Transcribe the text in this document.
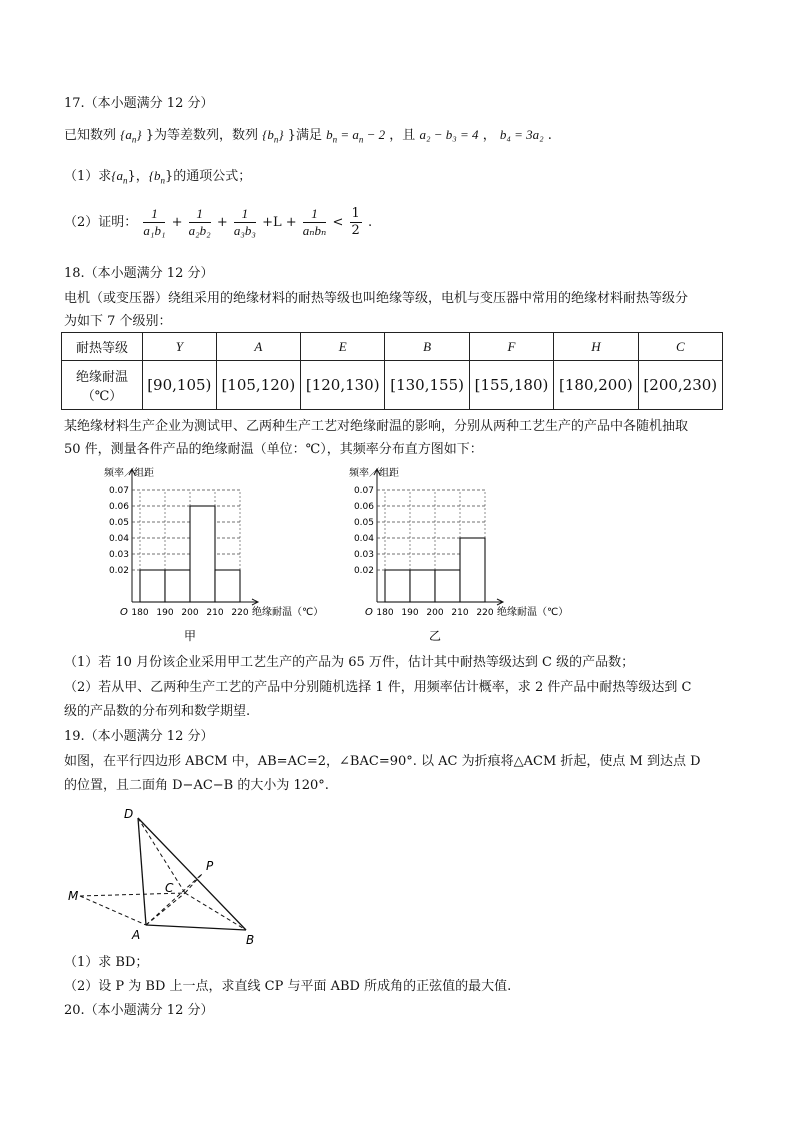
17.（本小题满分 12 分）
已知数列 $\{a_n\}$ }为等差数列，数列 $\{b_n\}$ }满足 $b_n = a_n - 2$ ，且 a₂ − b₃ = 4 ， b₄ = 3a₂ .
（1）求$\{a_n\}$，$\{b_n\}$的通项公式；
（2）证明： $\frac{1}{\text{a₁b₁}} + \frac{1}{\text{a₂b₂}} + \frac{1}{\text{a₃b₃}} +L + \frac{1}{\text{aₙbₙ}} < \frac{1}{2}$ .
18.（本小题满分 12 分）
电机（或变压器）绕组采用的绝缘材料的耐热等级也叫绝缘等级，电机与变压器中常用的绝缘材料耐热等级分
为如下 7 个级别：
耐热等级	Y	A	E	B	F	H	C

绝缘耐温
（℃）	[90,105)	[105,120)	[120,130)	[130,155)	[155,180)	[180,200)	[200,230)
某绝缘材料生产企业为测试甲、乙两种生产工艺对绝缘耐温的影响，分别从两种工艺生产的产品中各随机抽取
50 件，测量各件产品的绝缘耐温（单位：℃），其频率分布直方图如下：
0.02
0.03
0.04
0.05
0.06
0.07
180 190 200 210 220
O
频率／组距
绝缘耐温（℃）
甲
0.02
0.03
0.04
0.05
0.06
0.07
180 190 200 210 220
O
频率／组距
绝缘耐温（℃）
乙
（1）若 10 月份该企业采用甲工艺生产的产品为 65 万件，估计其中耐热等级达到 C 级的产品数；
（2）若从甲、乙两种生产工艺的产品中分别随机选择 1 件，用频率估计概率，求 2 件产品中耐热等级达到 C
级的产品数的分布列和数学期望.
19.（本小题满分 12 分）
如图，在平行四边形 ABCM 中，AB=AC=2，∠BAC=90°. 以 AC 为折痕将△ACM 折起，使点 M 到达点 D
的位置，且二面角 D−AC−B 的大小为 120°.
D
P
C
M
A	B
（1）求 BD；
（2）设 P 为 BD 上一点，求直线 CP 与平面 ABD 所成角的正弦值的最大值.
20.（本小题满分 12 分）
